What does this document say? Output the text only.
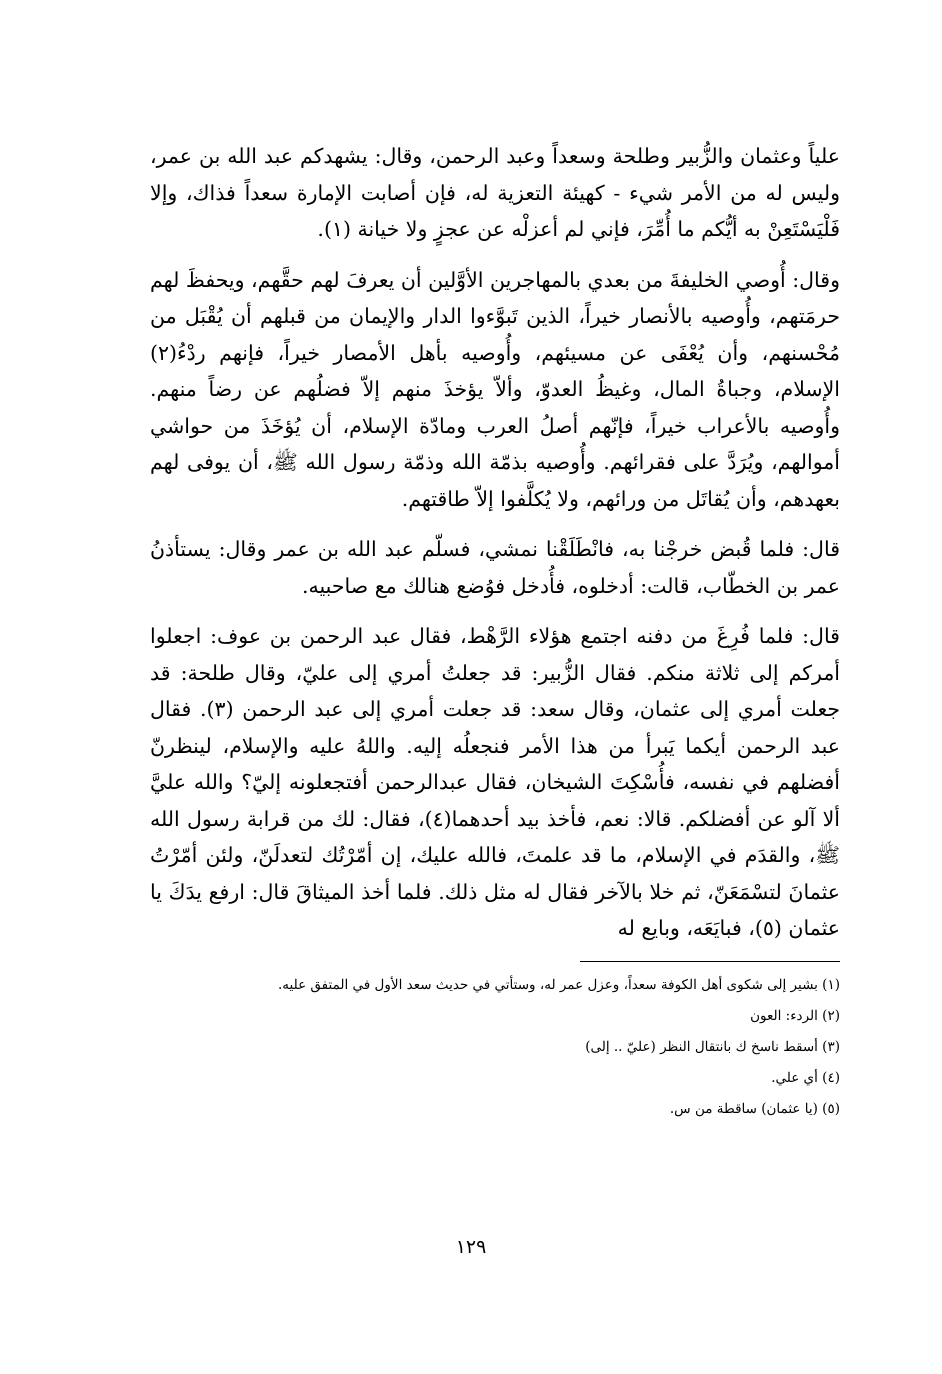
علياً وعثمان والزُّبير وطلحة وسعداً وعبد الرحمن، وقال: يشهدكم عبد الله بن عمر، وليس له من الأمر شيء - كهيئة التعزية له، فإن أصابت الإمارة سعداً فذاك، وإلا فَلْيَسْتَعِنْ به أيُّكم ما أُمِّرَ، فإني لم أعزلْه عن عجزٍ ولا خيانة (١).

وقال: أُوصي الخليفةَ من بعدي بالمهاجرين الأوَّلين أن يعرفَ لهم حقَّهم، ويحفظَ لهم حرمَتهم، وأُوصيه بالأنصار خيراً، الذين تَبوَّءوا الدار والإيمان من قبلهم أن يُقْبَل من مُحْسنهم، وأن يُعْفَى عن مسيئهم، وأُوصيه بأهل الأمصار خيراً، فإنهم ردْءُ(٢) الإسلام، وجباةُ المال، وغيظُ العدوّ، وألاّ يؤخذَ منهم إلاّ فضلُهم عن رضاً منهم. وأُوصيه بالأعراب خيراً، فإنّهم أصلُ العرب ومادّة الإسلام، أن يُؤخَذَ من حواشي أموالهم، ويُرَدَّ على فقرائهم. وأُوصيه بذمّة الله وذمّة رسول الله ﷺ، أن يوفى لهم بعهدهم، وأن يُقاتَل من ورائهم، ولا يُكلَّفوا إلاّ طاقتهم.

قال: فلما قُبض خرجْنا به، فانْطَلَقْنا نمشي، فسلّم عبد الله بن عمر وقال: يستأذنُ عمر بن الخطّاب، قالت: أدخلوه، فأُدخل فوُضع هنالك مع صاحبيه.

قال: فلما فُرِغَ من دفنه اجتمع هؤلاء الرَّهْط، فقال عبد الرحمن بن عوف: اجعلوا أمركم إلى ثلاثة منكم. فقال الزُّبير: قد جعلتُ أمري إلى عليّ، وقال طلحة: قد جعلت أمري إلى عثمان، وقال سعد: قد جعلت أمري إلى عبد الرحمن (٣). فقال عبد الرحمن أيكما يَبرأ من هذا الأمر فنجعلُه إليه. واللهُ عليه والإسلام، لينظرنّ أفضلهم في نفسه، فأُسْكِتَ الشيخان، فقال عبدالرحمن أفتجعلونه إليّ؟ والله عليَّ ألا آلو عن أفضلكم. قالا: نعم، فأخذ بيد أحدهما(٤)، فقال: لك من قرابة رسول الله ﷺ، والقدَم في الإسلام، ما قد علمتَ، فالله عليك، إن أمّرْتُك لتعدلَنّ، ولئن أمّرْتُ عثمانَ لتسْمَعَنّ، ثم خلا بالآخر فقال له مثل ذلك. فلما أخذ الميثاقَ قال: ارفع يدَكَ يا عثمان (٥)، فبايَعَه، وبايع له

(١) بشير إلى شكوى أهل الكوفة سعداً، وعزل عمر له، وستأتي في حديث سعد الأول في المتفق عليه.

(٢) الردء: العون

(٣) أسقط ناسخ ك بانتقال النظر (عليّ .. إلى)

(٤) أي علي.

(٥) (يا عثمان) ساقطة من س.

١٢٩
